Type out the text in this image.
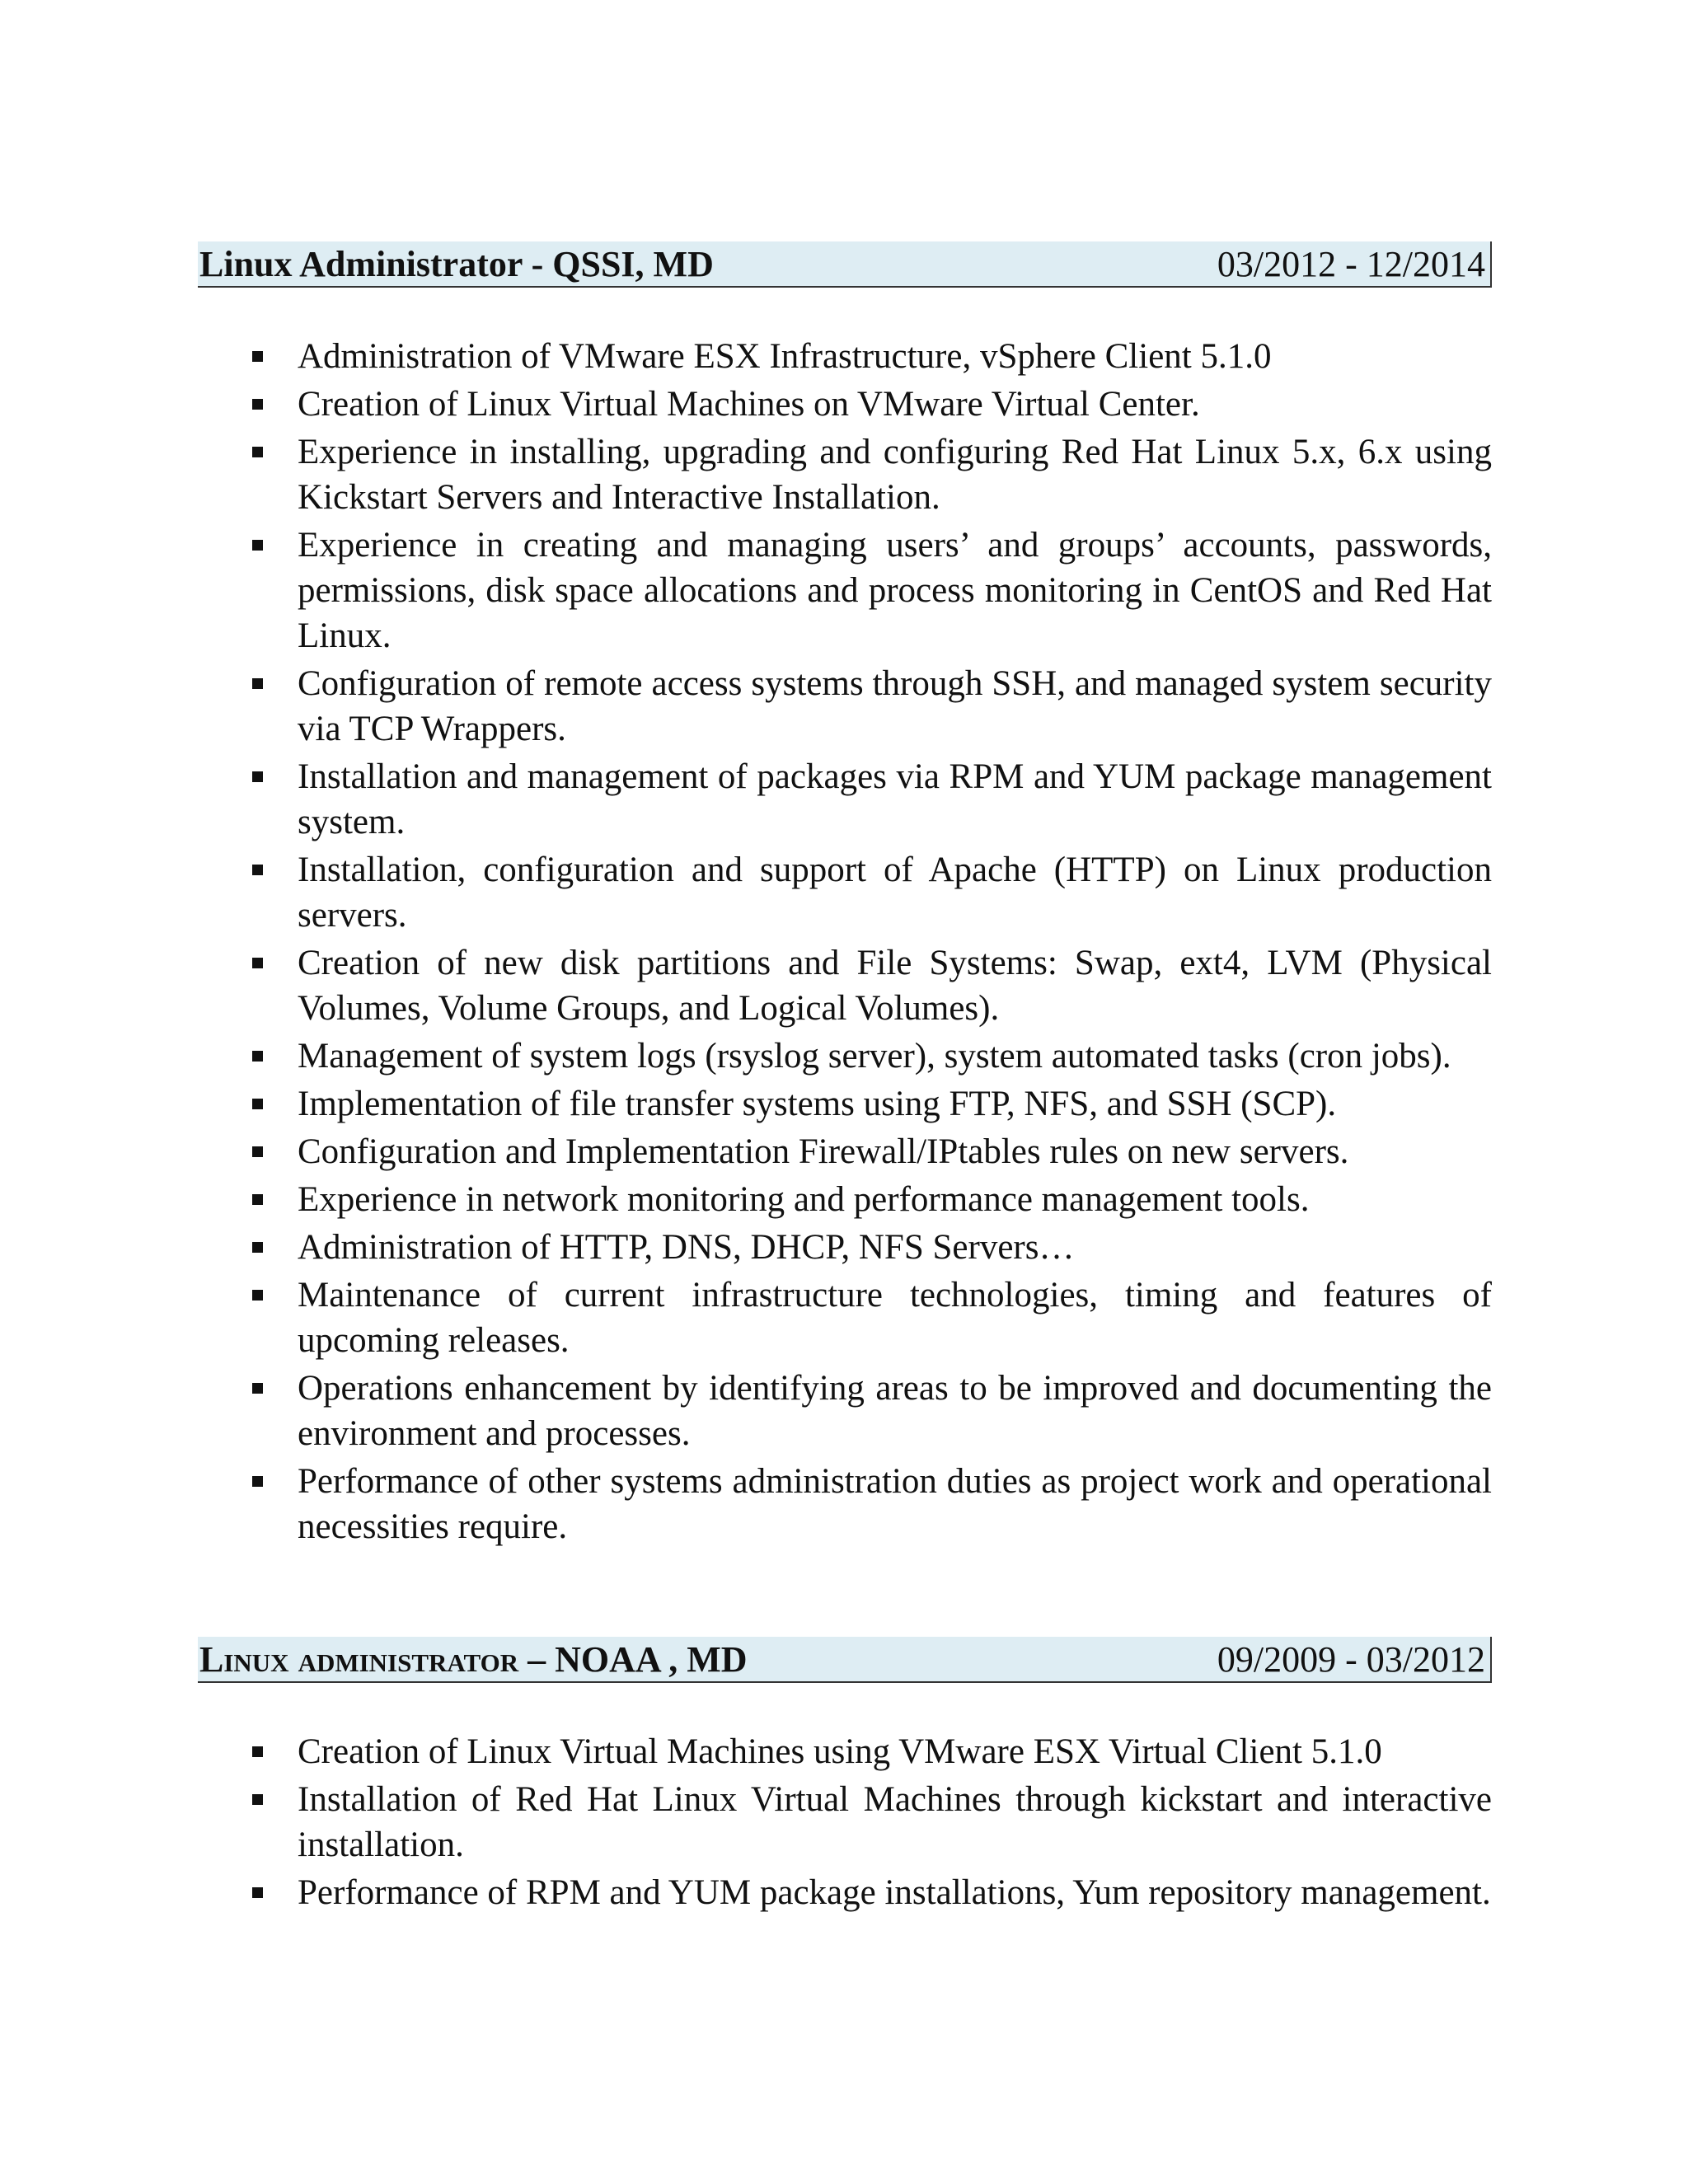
Linux Administrator - QSSI, MD	03/2012 - 12/2014
Administration of VMware ESX Infrastructure, vSphere Client 5.1.0
Creation of Linux Virtual Machines on VMware Virtual Center.
Experience in installing, upgrading and configuring Red Hat Linux 5.x, 6.x using Kickstart Servers and Interactive Installation.
Experience in creating and managing users’ and groups’ accounts, passwords, permissions, disk space allocations and process monitoring in CentOS and Red Hat Linux.
Configuration of remote access systems through SSH, and managed system security via TCP Wrappers.
Installation and management of packages via RPM and YUM package management system.
Installation, configuration and support of Apache (HTTP) on Linux production servers.
Creation of new disk partitions and File Systems: Swap, ext4, LVM (Physical Volumes, Volume Groups, and Logical Volumes).
Management of system logs (rsyslog server), system automated tasks (cron jobs).
Implementation of file transfer systems using FTP, NFS, and SSH (SCP).
Configuration and Implementation Firewall/IPtables rules on new servers.
Experience in network monitoring and performance management tools.
Administration of HTTP, DNS, DHCP, NFS Servers…
Maintenance of current infrastructure technologies, timing and features of upcoming releases.
Operations enhancement by identifying areas to be improved and documenting the environment and processes.
Performance of other systems administration duties as project work and operational necessities require.
Linux administrator – NOAA , MD	09/2009 - 03/2012
Creation of Linux Virtual Machines using VMware ESX Virtual Client 5.1.0
Installation of Red Hat Linux Virtual Machines through kickstart and interactive installation.
Performance of RPM and YUM package installations, Yum repository management.
